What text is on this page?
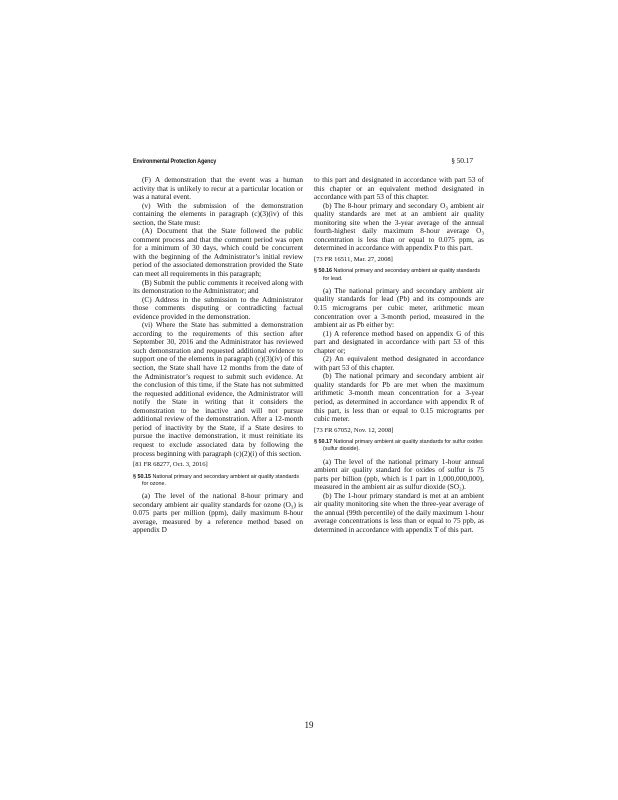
Environmental Protection Agency	§ 50.17

(F) A demonstration that the event was a human activity that is unlikely to recur at a particular location or was a natural event.

(v) With the submission of the demonstration containing the elements in paragraph (c)(3)(iv) of this section, the State must:

(A) Document that the State followed the public comment process and that the comment period was open for a minimum of 30 days, which could be concurrent with the beginning of the Administrator’s initial review period of the associated demonstration provided the State can meet all requirements in this paragraph;

(B) Submit the public comments it received along with its demonstration to the Administrator; and

(C) Address in the submission to the Administrator those comments disputing or contradicting factual evidence provided in the demonstration.

(vi) Where the State has submitted a demonstration according to the requirements of this section after September 30, 2016 and the Administrator has reviewed such demonstration and requested additional evidence to support one of the elements in paragraph (c)(3)(iv) of this section, the State shall have 12 months from the date of the Administrator’s request to submit such evidence. At the conclusion of this time, if the State has not submitted the requested additional evidence, the Administrator will notify the State in writing that it considers the demonstration to be inactive and will not pursue additional review of the demonstration. After a 12-month period of inactivity by the State, if a State desires to pursue the inactive demonstration, it must reinitiate its request to exclude associated data by following the process beginning with paragraph (c)(2)(i) of this section.

[81 FR 68277, Oct. 3, 2016]

§ 50.15 National primary and secondary ambient air quality standards for ozone.

(a) The level of the national 8-hour primary and secondary ambient air quality standards for ozone (O₃) is 0.075 parts per million (ppm), daily maximum 8-hour average, measured by a reference method based on appendix D

to this part and designated in accordance with part 53 of this chapter or an equivalent method designated in accordance with part 53 of this chapter.

(b) The 8-hour primary and secondary O₃ ambient air quality standards are met at an ambient air quality monitoring site when the 3-year average of the annual fourth-highest daily maximum 8-hour average O₃ concentration is less than or equal to 0.075 ppm, as determined in accordance with appendix P to this part.

[73 FR 16511, Mar. 27, 2008]

§ 50.16 National primary and secondary ambient air quality standards for lead.

(a) The national primary and secondary ambient air quality standards for lead (Pb) and its compounds are 0.15 micrograms per cubic meter, arithmetic mean concentration over a 3-month period, measured in the ambient air as Pb either by:

(1) A reference method based on appendix G of this part and designated in accordance with part 53 of this chapter or;

(2) An equivalent method designated in accordance with part 53 of this chapter.

(b) The national primary and secondary ambient air quality standards for Pb are met when the maximum arithmetic 3-month mean concentration for a 3-year period, as determined in accordance with appendix R of this part, is less than or equal to 0.15 micrograms per cubic meter.

[73 FR 67052, Nov. 12, 2008]

§ 50.17 National primary ambient air quality standards for sulfur oxides (sulfur dioxide).

(a) The level of the national primary 1-hour annual ambient air quality standard for oxides of sulfur is 75 parts per billion (ppb, which is 1 part in 1,000,000,000), measured in the ambient air as sulfur dioxide (SO₂).

(b) The 1-hour primary standard is met at an ambient air quality monitoring site when the three-year average of the annual (99th percentile) of the daily maximum 1-hour average concentrations is less than or equal to 75 ppb, as determined in accordance with appendix T of this part.

19
